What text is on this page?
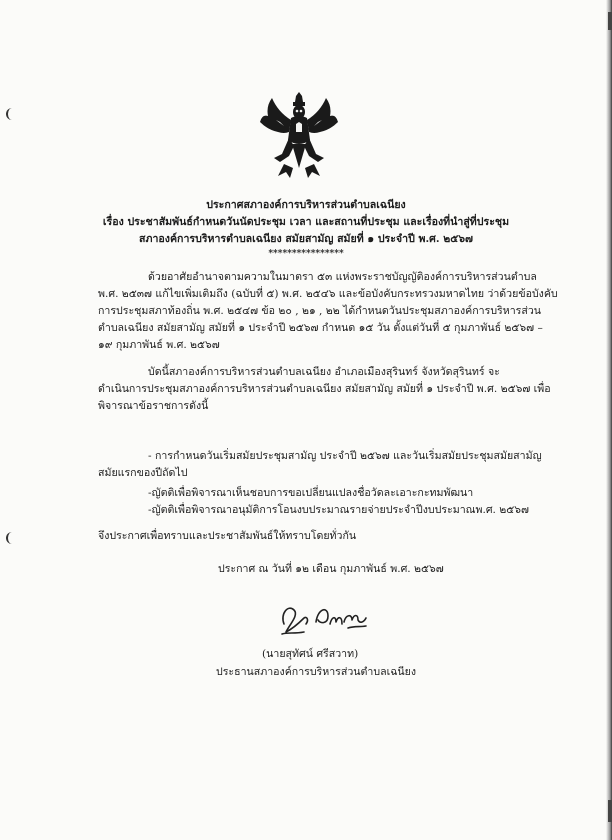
ประกาศสภาองค์การบริหารส่วนตำบลเฉนียง
เรื่อง ประชาสัมพันธ์กำหนดวันนัดประชุม เวลา และสถานที่ประชุม และเรื่องที่นำสู่ที่ประชุม
สภาองค์การบริหารตำบลเฉนียง สมัยสามัญ สมัยที่ ๑ ประจำปี พ.ศ. ๒๕๖๗
****************
ด้วยอาศัยอำนาจตามความในมาตรา ๕๓ แห่งพระราชบัญญัติองค์การบริหารส่วนตำบล
พ.ศ. ๒๕๓๗ แก้ไขเพิ่มเติมถึง (ฉบับที่ ๕) พ.ศ. ๒๕๔๖ และข้อบังคับกระทรวงมหาดไทย ว่าด้วยข้อบังคับ
การประชุมสภาท้องถิ่น พ.ศ. ๒๕๔๗ ข้อ ๒๐ , ๒๑ , ๒๒ ได้กำหนดวันประชุมสภาองค์การบริหารส่วน
ตำบลเฉนียง สมัยสามัญ สมัยที่ ๑ ประจำปี ๒๕๖๗ กำหนด ๑๕ วัน ตั้งแต่วันที่ ๕ กุมภาพันธ์ ๒๕๖๗ –
๑๙ กุมภาพันธ์ พ.ศ. ๒๕๖๗
บัดนี้สภาองค์การบริหารส่วนตำบลเฉนียง อำเภอเมืองสุรินทร์ จังหวัดสุรินทร์ จะ
ดำเนินการประชุมสภาองค์การบริหารส่วนตำบลเฉนียง สมัยสามัญ สมัยที่ ๑ ประจำปี พ.ศ. ๒๕๖๗ เพื่อ
พิจารณาข้อราชการดังนี้
- การกำหนดวันเริ่มสมัยประชุมสามัญ ประจำปี ๒๕๖๗ และวันเริ่มสมัยประชุมสมัยสามัญ
สมัยแรกของปีถัดไป
-ญัตติเพื่อพิจารณาเห็นชอบการขอเปลี่ยนแปลงชื่อวัดละเอาะกะทมพัฒนา
-ญัตติเพื่อพิจารณาอนุมัติการโอนงบประมาณรายจ่ายประจำปีงบประมาณพ.ศ. ๒๕๖๗
จึงประกาศเพื่อทราบและประชาสัมพันธ์ให้ทราบโดยทั่วกัน
ประกาศ ณ วันที่ ๑๒ เดือน กุมภาพันธ์ พ.ศ. ๒๕๖๗
(นายสุทัศน์ ศรีสวาท)
ประธานสภาองค์การบริหารส่วนตำบลเฉนียง
